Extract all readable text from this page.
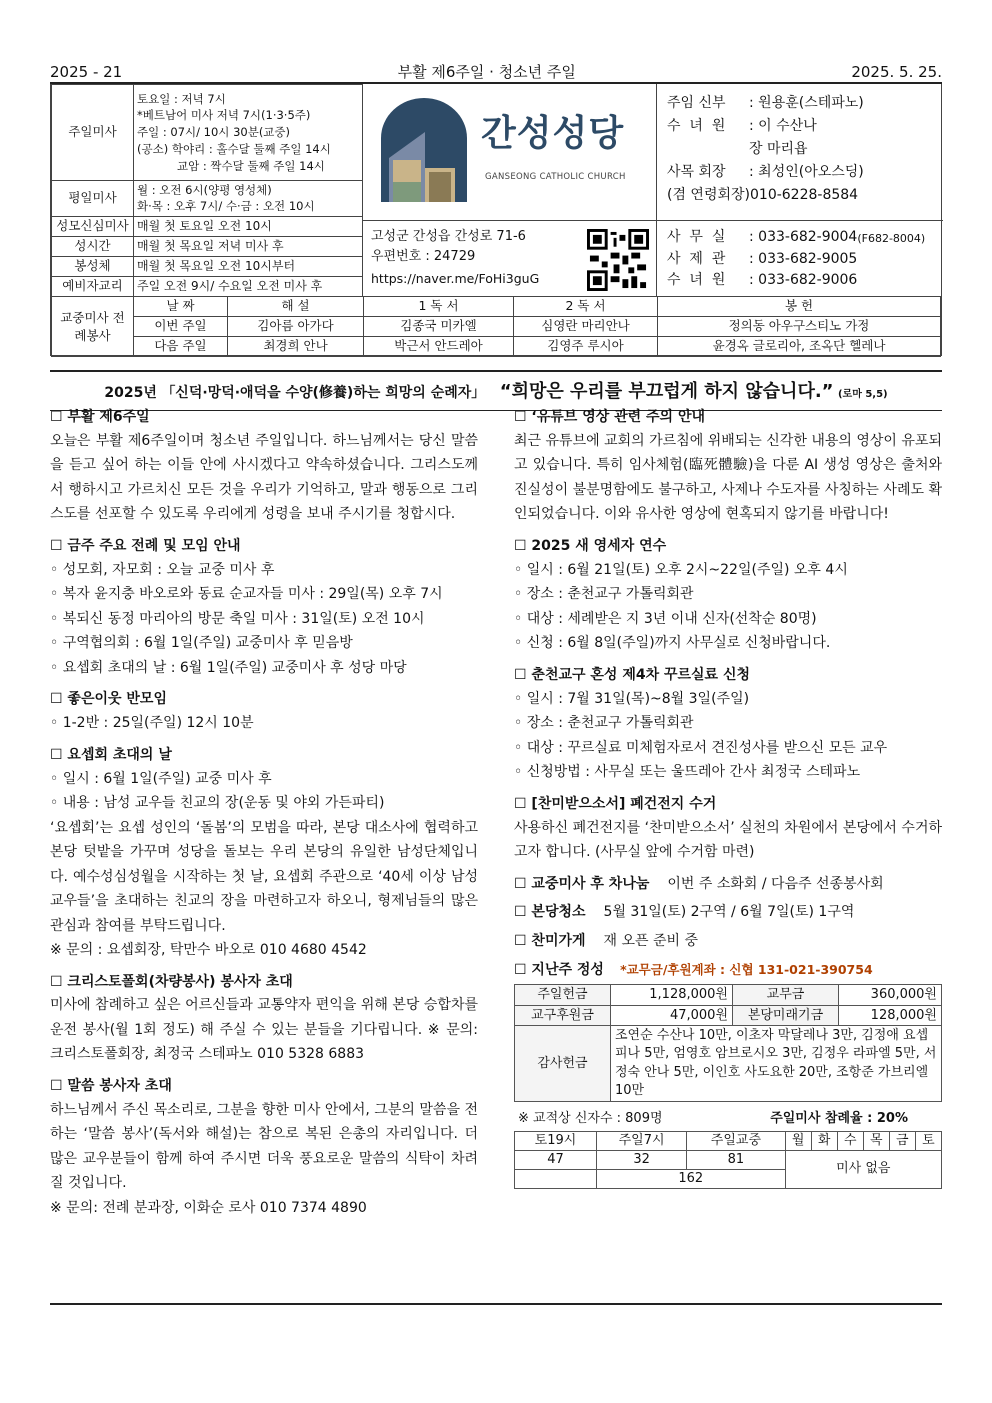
2025 - 21	부활 제6주일 · 청소년 주일	2025. 5. 25.
주일미사	토요일 : 저녁 7시
*베트남어 미사 저녁 7시(1·3·5주)
주일 : 07시/ 10시 30분(교중)
(공소) 학야리 : 홀수달 둘째 주일 14시
교암 : 짝수달 둘째 주일 14시

평일미사	월 : 오전 6시(양평 영성체)
화·목 : 오후 7시/ 수·금 : 오전 10시

성모신심미사	매월 첫 토요일 오전 10시
성시간	매월 첫 목요일 저녁 미사 후
봉성체	매월 첫 목요일 오전 10시부터
예비자교리	주일 오전 9시/ 수요일 오전 미사 후
간성성당
GANSEONG CATHOLIC CHURCH
고성군 간성읍 간성로 71-6
우편번호 : 24729
https://naver.me/FoHi3guG
주임 신부	: 원용훈(스테파노)
수  녀  원	: 이 수산나
장 마리욥
사목 회장	: 최성인(아오스딩)
(겸 연령회장) 010-6228-8584
사  무  실	: 033-682-9004 (F682-8004)
사  제  관	: 033-682-9005
수  녀  원	: 033-682-9006
교중미사 전례봉사	날 짜	해 설	1 독 서	2 독 서	봉 헌
	이번 주일	김아름 아가다	김종국 미카엘	심영란 마리안나	정의동 아우구스티노 가정
	다음 주일	최경희 안나	박근서 안드레아	김영주 루시아	윤경옥 글로리아, 조옥단 헬레나
2025년 「신덕·망덕·애덕을 수양(修養)하는 희망의 순례자」 “희망은 우리를 부끄럽게 하지 않습니다.” (로마 5,5)
☐ 부활 제6주일
오늘은 부활 제6주일이며 청소년 주일입니다. 하느님께서는 당신 말씀을 듣고 싶어 하는 이들 안에 사시겠다고 약속하셨습니다. 그리스도께서 행하시고 가르치신 모든 것을 우리가 기억하고, 말과 행동으로 그리스도를 선포할 수 있도록 우리에게 성령을 보내 주시기를 청합시다.
☐ 금주 주요 전례 및 모임 안내
◦ 성모회, 자모회 : 오늘 교중 미사 후
◦ 복자 윤지충 바오로와 동료 순교자들 미사 : 29일(목) 오후 7시
◦ 복되신 동정 마리아의 방문 축일 미사 : 31일(토) 오전 10시
◦ 구역협의회 : 6월 1일(주일) 교중미사 후 믿음방
◦ 요셉회 초대의 날 : 6월 1일(주일) 교중미사 후 성당 마당
☐ 좋은이웃 반모임
◦ 1-2반 : 25일(주일) 12시 10분
☐ 요셉회 초대의 날
◦ 일시 : 6월 1일(주일) 교중 미사 후
◦ 내용 : 남성 교우들 친교의 장(운동 및 야외 가든파티)
‘요셉회’는 요셉 성인의 ‘돌봄’의 모범을 따라, 본당 대소사에 협력하고 본당 텃밭을 가꾸며 성당을 돌보는 우리 본당의 유일한 남성단체입니다. 예수성심성월을 시작하는 첫 날, 요셉회 주관으로 ‘40세 이상 남성 교우들’을 초대하는 친교의 장을 마련하고자 하오니, 형제님들의 많은 관심과 참여를 부탁드립니다.
※ 문의 : 요셉회장, 탁만수 바오로 010 4680 4542
☐ 크리스토폴회(차량봉사) 봉사자 초대
미사에 참례하고 싶은 어르신들과 교통약자 편익을 위해 본당 승합차를 운전 봉사(월 1회 정도) 해 주실 수 있는 분들을 기다립니다. ※ 문의: 크리스토폴회장, 최정국 스테파노 010 5328 6883
☐ 말씀 봉사자 초대
하느님께서 주신 목소리로, 그분을 향한 미사 안에서, 그분의 말씀을 전하는 ‘말씀 봉사’(독서와 해설)는 참으로 복된 은총의 자리입니다. 더 많은 교우분들이 함께 하여 주시면 더욱 풍요로운 말씀의 식탁이 차려질 것입니다.
※ 문의: 전례 분과장, 이화순 로사 010 7374 4890
☐ ‘유튜브 영상 관련 주의 안내
최근 유튜브에 교회의 가르침에 위배되는 신각한 내용의 영상이 유포되고 있습니다. 특히 임사체험(臨死體驗)을 다룬 AI 생성 영상은 출처와 진실성이 불분명함에도 불구하고, 사제나 수도자를 사칭하는 사례도 확인되었습니다. 이와 유사한 영상에 현혹되지 않기를 바랍니다!
☐ 2025 새 영세자 연수
◦ 일시 : 6월 21일(토) 오후 2시~22일(주일) 오후 4시
◦ 장소 : 춘천교구 가톨릭회관
◦ 대상 : 세례받은 지 3년 이내 신자(선착순 80명)
◦ 신청 : 6월 8일(주일)까지 사무실로 신청바랍니다.
☐ 춘천교구 혼성 제4차 꾸르실료 신청
◦ 일시 : 7월 31일(목)~8월 3일(주일)
◦ 장소 : 춘천교구 가톨릭회관
◦ 대상 : 꾸르실료 미체험자로서 견진성사를 받으신 모든 교우
◦ 신청방법 : 사무실 또는 울뜨레아 간사 최정국 스테파노
☐ [찬미받으소서] 폐건전지 수거
사용하신 폐건전지를 ‘찬미받으소서’ 실천의 차원에서 본당에서 수거하고자 합니다. (사무실 앞에 수거함 마련)
☐ 교중미사 후 차나눔 이번 주 소화회 / 다음주 선종봉사회
☐ 본당청소 5월 31일(토) 2구역 / 6월 7일(토) 1구역
☐ 찬미가게 재 오픈 준비 중
☐ 지난주 정성 *교무금/후원계좌 : 신협 131-021-390754
주일헌금	1,128,000원	교무금	360,000원
교구후원금	47,000원	본당미래기금	128,000원
감사헌금	조연순 수산나 10만, 이초자 막달레나 3만, 김정애 요셉피나 5만, 엄영호 암브로시오 3만, 김정우 라파엘 5만, 서정숙 안나 5만, 이인호 사도요한 20만, 조항준 가브리엘 10만		
※ 교적상 신자수 : 809명	주일미사 참례율 : 20%
토19시	주일7시	주일교중	월	화	수	목	금	토
47	32	81	미사 없음					
	162							
